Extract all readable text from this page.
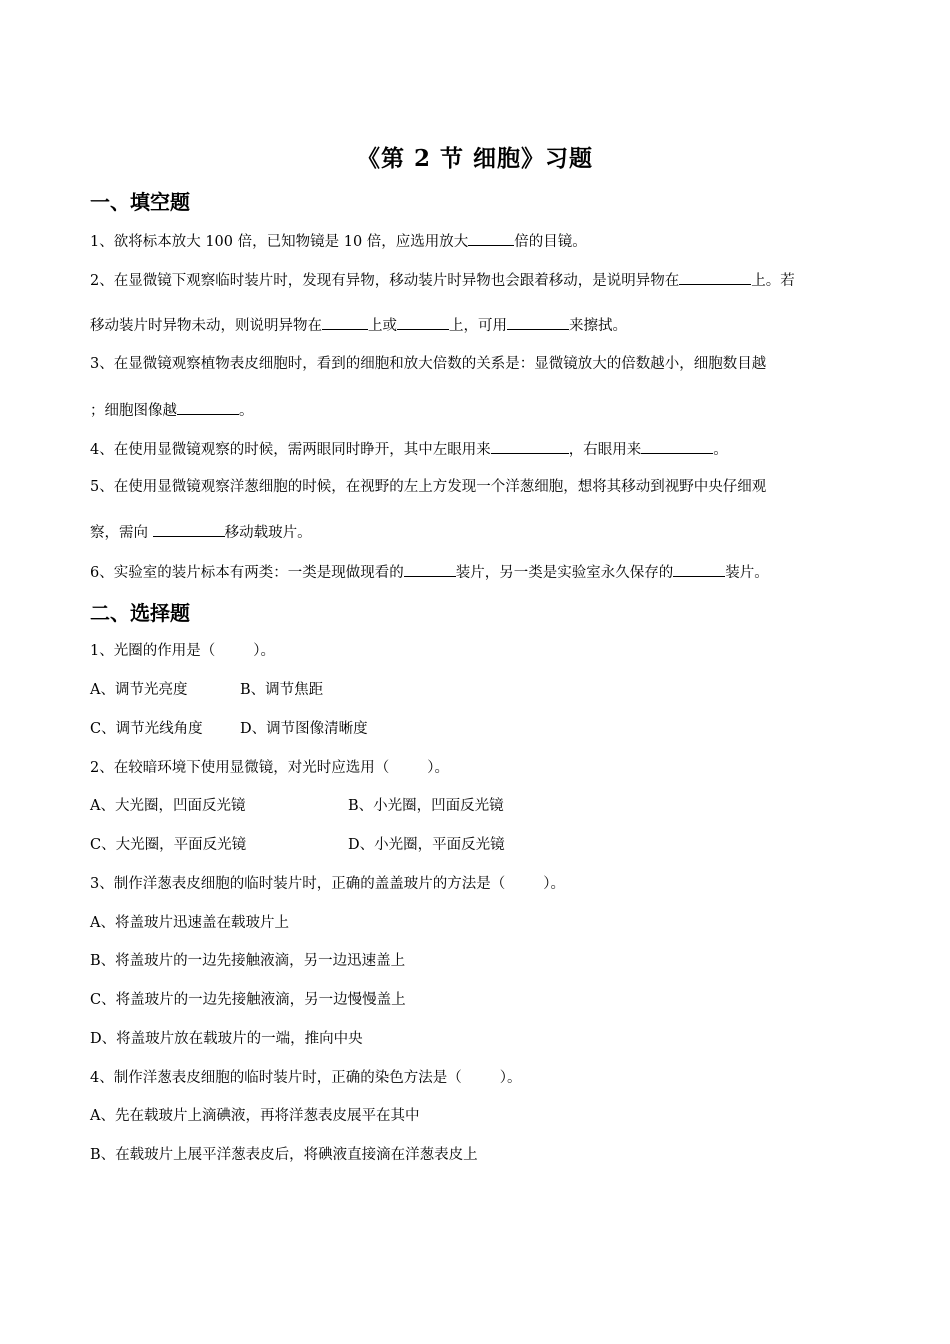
《第 2 节 细胞》习题
一、填空题
1、欲将标本放大 100 倍，已知物镜是 10 倍，应选用放大	倍的目镜。
2、在显微镜下观察临时装片时，发现有异物，移动装片时异物也会跟着移动，是说明异物在	上。若
移动装片时异物未动，则说明异物在	上或	上，可用	来擦拭。
3、在显微镜观察植物表皮细胞时，看到的细胞和放大倍数的关系是：显微镜放大的倍数越小，细胞数目越
；细胞图像越	。
4、在使用显微镜观察的时候，需两眼同时睁开，其中左眼用来	，右眼用来	。
5、在使用显微镜观察洋葱细胞的时候，在视野的左上方发现一个洋葱细胞，想将其移动到视野中央仔细观
察，需向	移动载玻片。
6、实验室的装片标本有两类：一类是现做现看的	装片，另一类是实验室永久保存的	装片。
二、选择题
1、光圈的作用是（	）。
A、调节光亮度	B、调节焦距
C、调节光线角度	D、调节图像清晰度
2、在较暗环境下使用显微镜，对光时应选用（	）。
A、大光圈，凹面反光镜	B、小光圈，凹面反光镜
C、大光圈，平面反光镜	D、小光圈，平面反光镜
3、制作洋葱表皮细胞的临时装片时，正确的盖盖玻片的方法是（	）。
A、将盖玻片迅速盖在载玻片上
B、将盖玻片的一边先接触液滴，另一边迅速盖上
C、将盖玻片的一边先接触液滴，另一边慢慢盖上
D、将盖玻片放在载玻片的一端，推向中央
4、制作洋葱表皮细胞的临时装片时，正确的染色方法是（	）。
A、先在载玻片上滴碘液，再将洋葱表皮展平在其中
B、在载玻片上展平洋葱表皮后，将碘液直接滴在洋葱表皮上
